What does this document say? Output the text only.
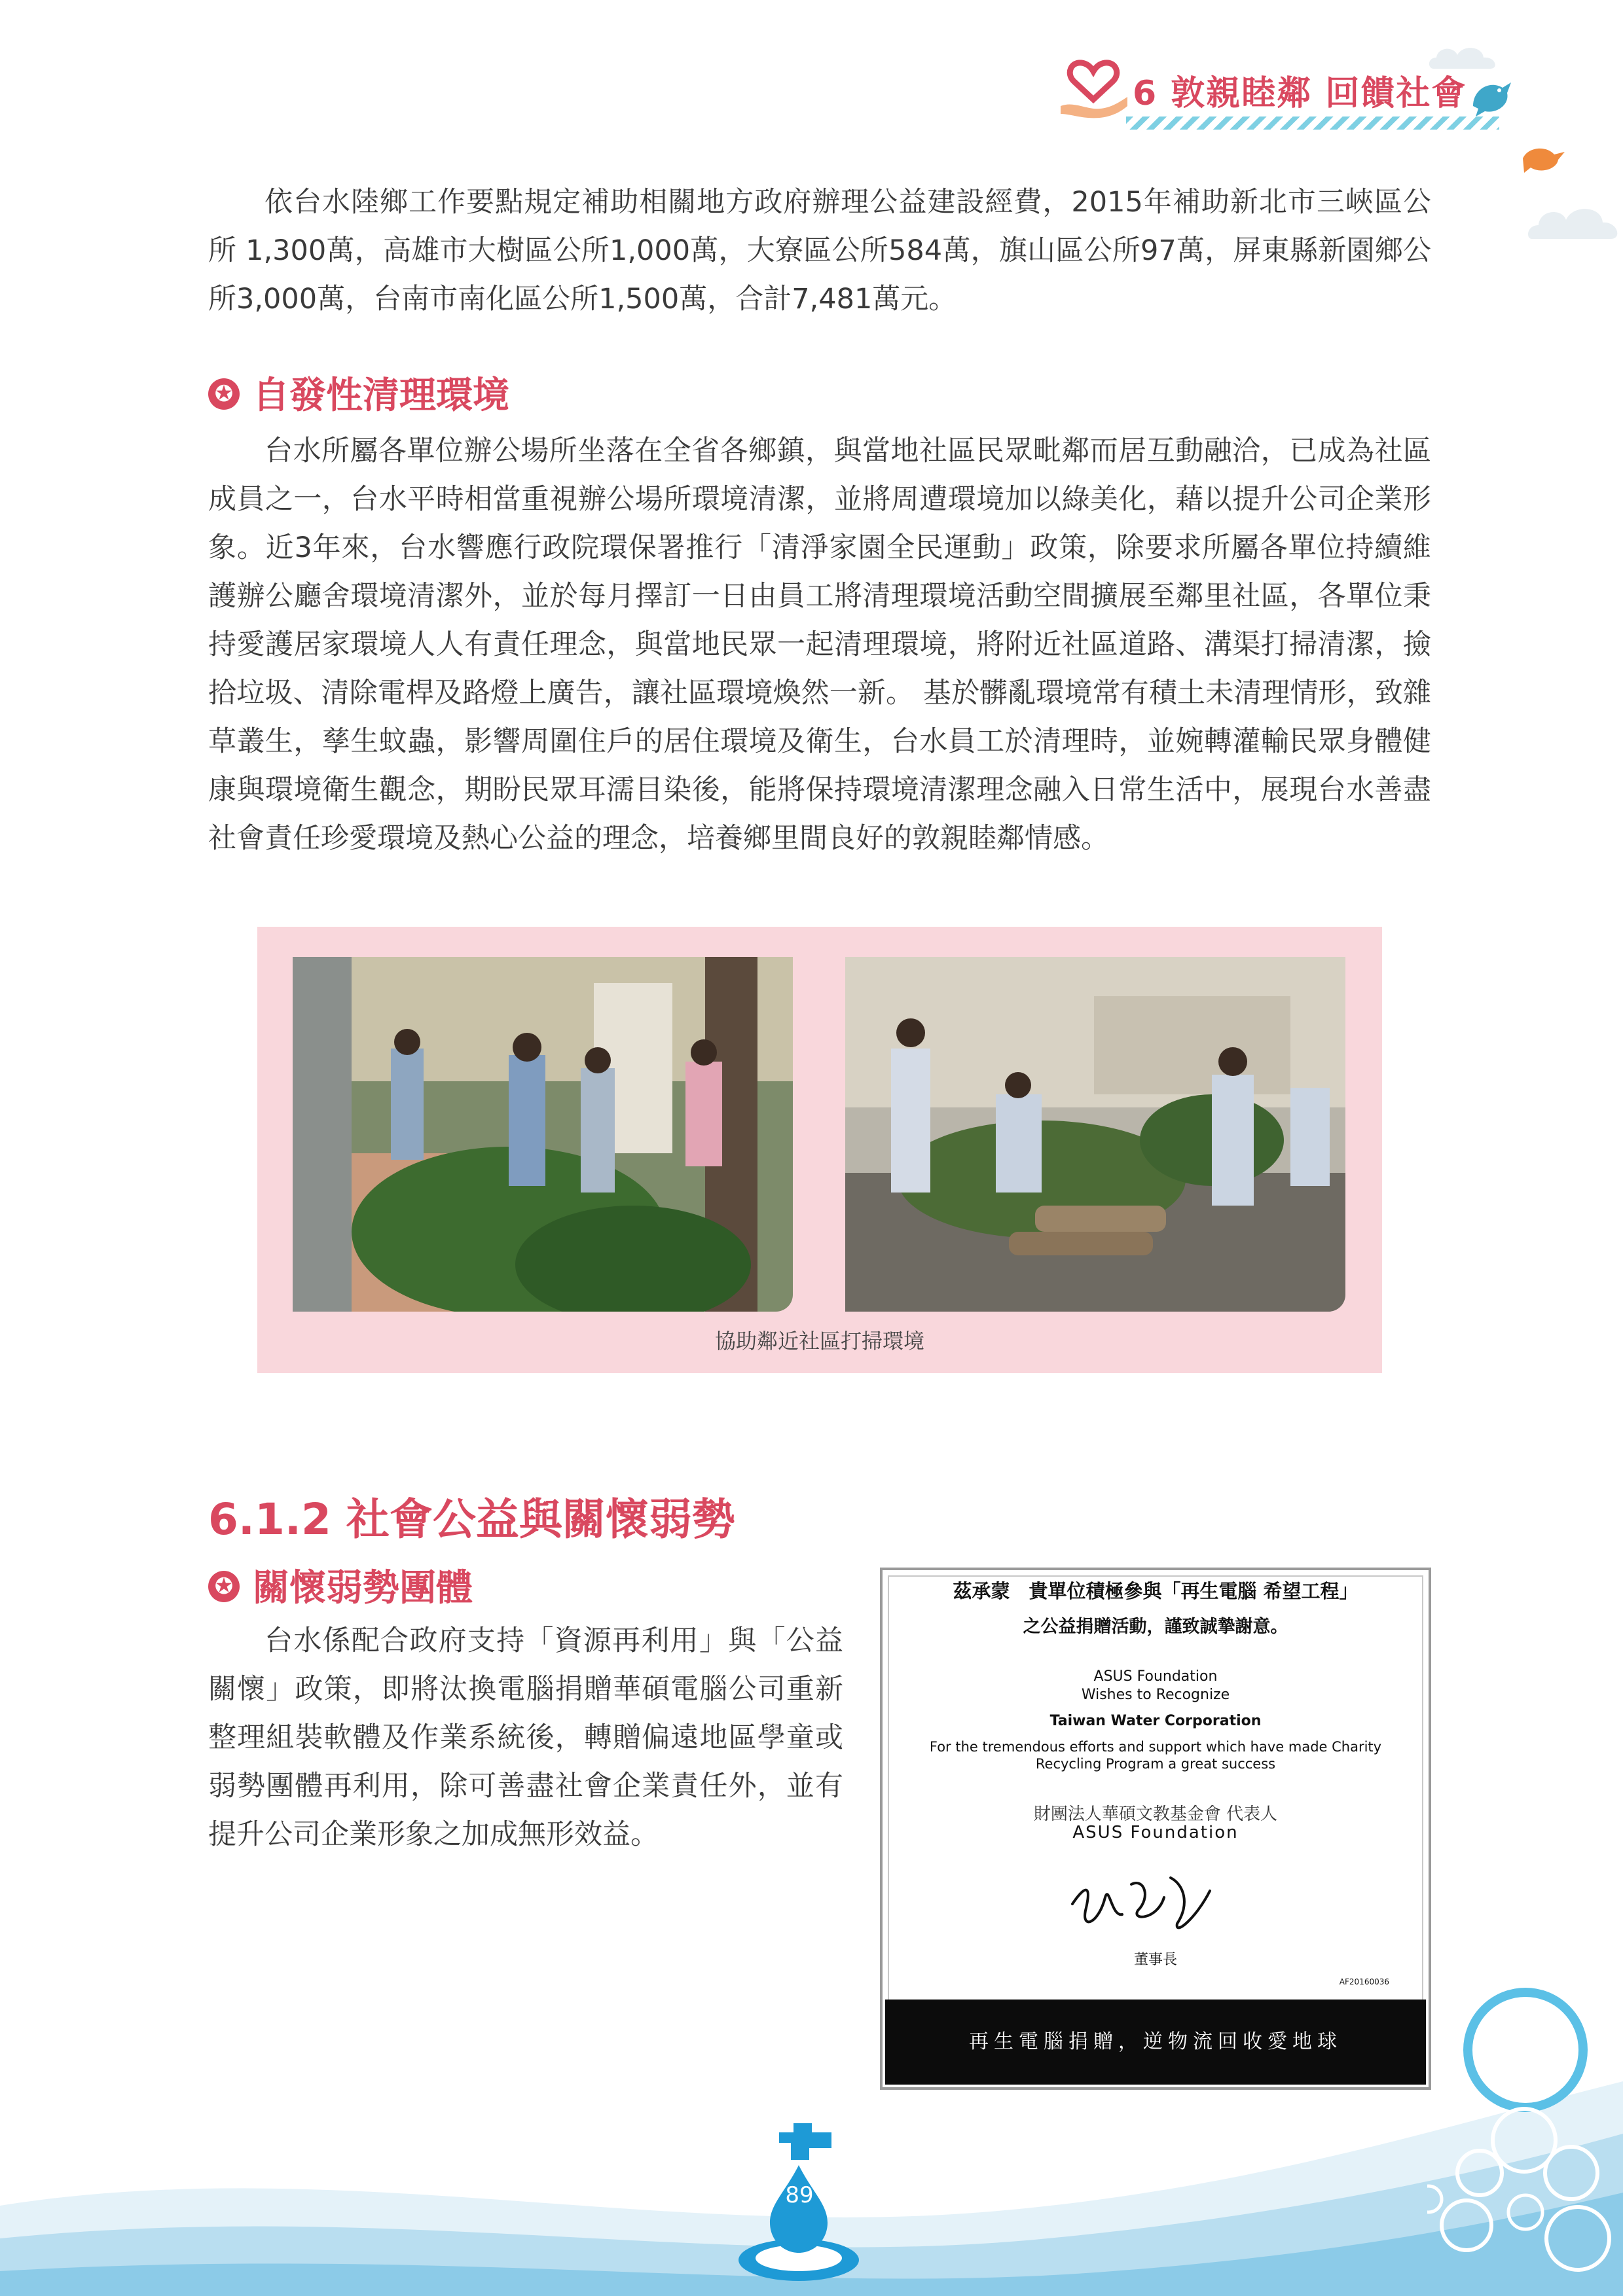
6 敦親睦鄰 回饋社會
依台水陸鄉工作要點規定補助相關地方政府辦理公益建設經費，2015年補助新北市三峽區公所 1,300萬，高雄市大樹區公所1,000萬，大寮區公所584萬，旗山區公所97萬，屏東縣新園鄉公所3,000萬，台南市南化區公所1,500萬，合計7,481萬元。
✪ 自發性清理環境
台水所屬各單位辦公場所坐落在全省各鄉鎮，與當地社區民眾毗鄰而居互動融洽，已成為社區成員之一，台水平時相當重視辦公場所環境清潔，並將周遭環境加以綠美化，藉以提升公司企業形象。近3年來，台水響應行政院環保署推行「清淨家園全民運動」政策，除要求所屬各單位持續維護辦公廳舍環境清潔外，並於每月擇訂一日由員工將清理環境活動空間擴展至鄰里社區，各單位秉持愛護居家環境人人有責任理念，與當地民眾一起清理環境，將附近社區道路、溝渠打掃清潔，撿拾垃圾、清除電桿及路燈上廣告，讓社區環境煥然一新。 基於髒亂環境常有積土未清理情形，致雜草叢生，孳生蚊蟲，影響周圍住戶的居住環境及衛生，台水員工於清理時，並婉轉灌輸民眾身體健康與環境衛生觀念，期盼民眾耳濡目染後，能將保持環境清潔理念融入日常生活中，展現台水善盡社會責任珍愛環境及熱心公益的理念，培養鄉里間良好的敦親睦鄰情感。
協助鄰近社區打掃環境
6.1.2 社會公益與關懷弱勢
✪ 關懷弱勢團體
台水係配合政府支持「資源再利用」與「公益關懷」政策，即將汰換電腦捐贈華碩電腦公司重新整理組裝軟體及作業系統後，轉贈偏遠地區學童或弱勢團體再利用，除可善盡社會企業責任外，並有提升公司企業形象之加成無形效益。
茲承蒙　貴單位積極參與「再生電腦 希望工程」
之公益捐贈活動，謹致誠摯謝意。
ASUS Foundation
Wishes to Recognize
Taiwan Water Corporation
For the tremendous efforts and support which have made Charity
Recycling Program a great success
財團法人華碩文教基金會 代表人
ASUS Foundation
董事長
AF20160036
再生電腦捐贈，逆物流回收愛地球
89
